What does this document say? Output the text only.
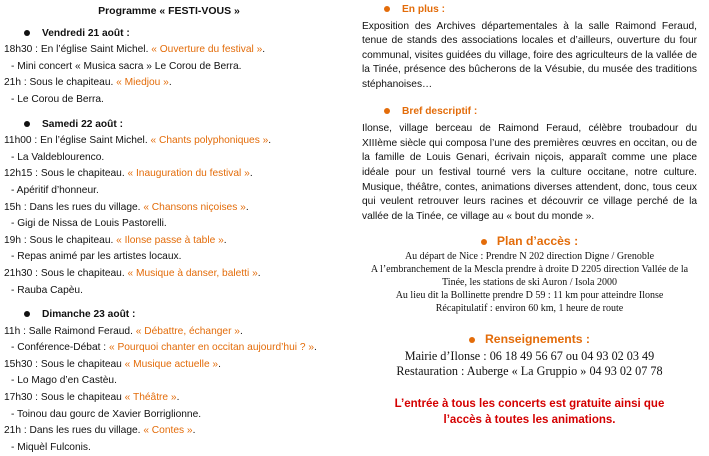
Programme « FESTI-VOUS »
Vendredi 21 août :
18h30 : En l’église Saint Michel. « Ouverture du festival ».
- Mini concert « Musica sacra » Le Corou de Berra.
21h : Sous le chapiteau. « Miedjou ».
- Le Corou de Berra.
Samedi 22 août :
11h00 : En l’église Saint Michel. « Chants polyphoniques ».
- La Valdeblourenco.
12h15 : Sous le chapiteau. « Inauguration du festival ».
- Apéritif d’honneur.
15h : Dans les rues du village. « Chansons niçoises ».
- Gigi de Nissa de Louis Pastorelli.
19h : Sous le chapiteau. « Ilonse passe à table ».
- Repas animé par les artistes locaux.
21h30 : Sous le chapiteau. « Musique à danser, baletti ».
- Rauba Capèu.
Dimanche 23 août :
11h : Salle Raimond Feraud. « Débattre, échanger ».
- Conférence-Débat : « Pourquoi chanter en occitan aujourd’hui ? ».
15h30 : Sous le chapiteau « Musique actuelle ».
- Lo Mago d’en Castèu.
17h30 : Sous le chapiteau « Théâtre ».
- Toinou dau gourc de Xavier Borriglionne.
21h : Dans les rues du village. « Contes ».
- Miquèl Fulconis.
En plus :
Exposition des Archives départementales à la salle Raimond Feraud, tenue de stands des associations locales et d’ailleurs, ouverture du four communal, visites guidées du village, foire des agriculteurs de la vallée de la Tinée, présence des bûcherons de la Vésubie, du musée des traditions stéphanoises…
Bref descriptif :
Ilonse, village berceau de Raimond Feraud, célèbre troubadour du XIIIème siècle qui composa l’une des premières œuvres en occitan, ou de la famille de Louis Genari, écrivain niçois, apparaît comme une place idéale pour un festival tourné vers la culture occitane, notre culture. Musique, théâtre, contes, animations diverses attendent, donc, tous ceux qui veulent retrouver leurs racines et découvrir ce village perché de la vallée de la Tinée, ce village au « bout du monde ».
Plan d’accès :
Au départ de Nice : Prendre N 202 direction Digne / Grenoble
A l’embranchement de la Mescla prendre à droite D 2205 direction Vallée de la Tinée, les stations de ski Auron / Isola 2000
Au lieu dit la Bollinette prendre D 59 : 11 km pour atteindre Ilonse
Récapitulatif : environ 60 km, 1 heure de route
Renseignements :
Mairie d’Ilonse : 06 18 49 56 67 ou 04 93 02 03 49
Restauration : Auberge « La Gruppio » 04 93 02 07 78
L’entrée à tous les concerts est gratuite ainsi que l’accès à toutes les animations.
